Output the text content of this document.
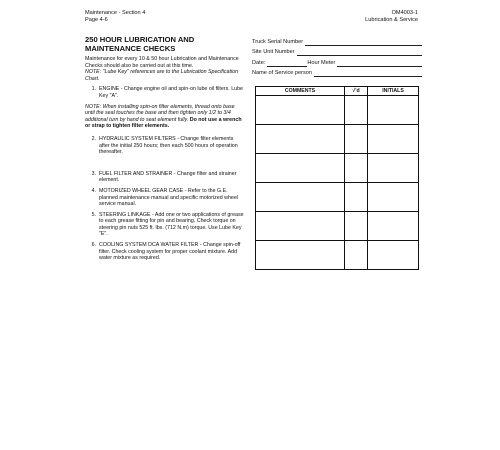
Maintenance - Section 4
Page 4-6
OM4003-1
Lubrication & Service
250 HOUR LUBRICATION AND
MAINTENANCE CHECKS

Maintenance for every 10 & 50 hour Lubrication and Maintenance Checks should also be carried out at this time.

NOTE: "Lube Key" references are to the Lubrication Specification Chart.

1. ENGINE - Change engine oil and spin-on lube oil filters. Lube Key "A".
NOTE: When installing spin-on filter elements, thread onto base until the seal touches the base and then tighten only 1/2 to 3/4 additional turn by hand to seat element fully. Do not use a wrench or strap to tighten filter elements.
2. HYDRAULIC SYSTEM FILTERS - Change filter elements after the initial 250 hours; then each 500 hours of operation thereafter.
3. FUEL FILTER AND STRAINER - Change filter and strainer element.
4. MOTORIZED WHEEL GEAR CASE - Refer to the G.E. planned maintenance manual and specific motorized wheel service manual.
5. STEERING LINKAGE - Add one or two applications of grease to each grease fitting for pin and bearing. Check torque on steering pin nuts 525 ft. lbs. (712 N.m) torque. Use Lube Key "E".
6. COOLING SYSTEM DCA WATER FILTER - Change spin-off filter. Check cooling system for proper coolant mixture. Add water mixture as required.
Truck Serial Number
Site Unit Number
Date:	Hour Meter
Name of Service person
COMMENTS	√'d	INITIALS
